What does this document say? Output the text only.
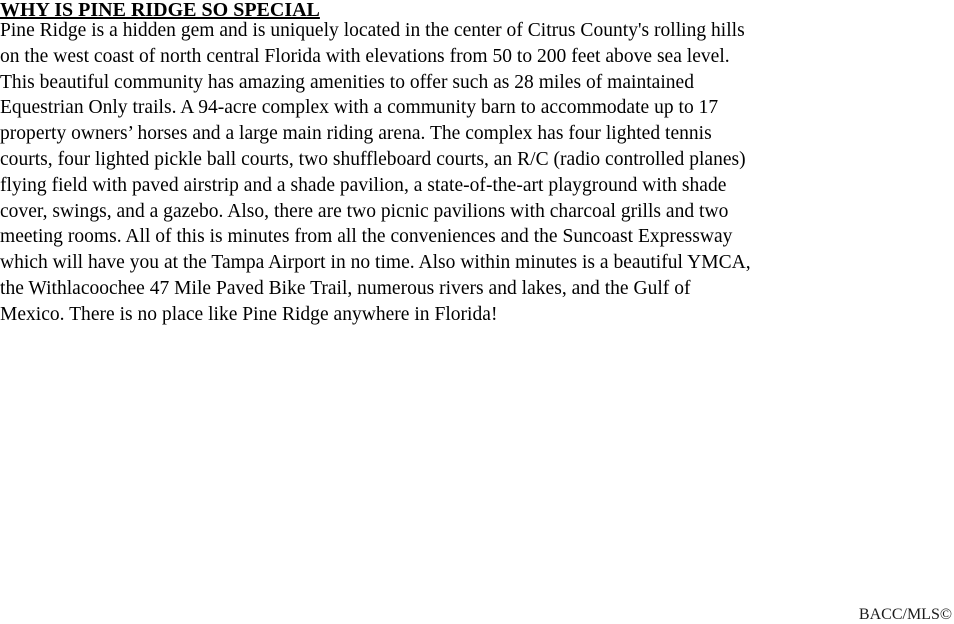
WHY IS PINE RIDGE SO SPECIAL
Pine Ridge is a hidden gem and is uniquely located in the center of Citrus County's rolling hills on the west coast of north central Florida with elevations from 50 to 200 feet above sea level. This beautiful community has amazing amenities to offer such as 28 miles of maintained Equestrian Only trails. A 94-acre complex with a community barn to accommodate up to 17 property owners’ horses and a large main riding arena. The complex has four lighted tennis courts, four lighted pickle ball courts, two shuffleboard courts, an R/C (radio controlled planes) flying field with paved airstrip and a shade pavilion, a state-of-the-art playground with shade cover, swings, and a gazebo. Also, there are two picnic pavilions with charcoal grills and two meeting rooms. All of this is minutes from all the conveniences and the Suncoast Expressway which will have you at the Tampa Airport in no time. Also within minutes is a beautiful YMCA, the Withlacoochee 47 Mile Paved Bike Trail, numerous rivers and lakes, and the Gulf of Mexico. There is no place like Pine Ridge anywhere in Florida!
BACC/MLS©
